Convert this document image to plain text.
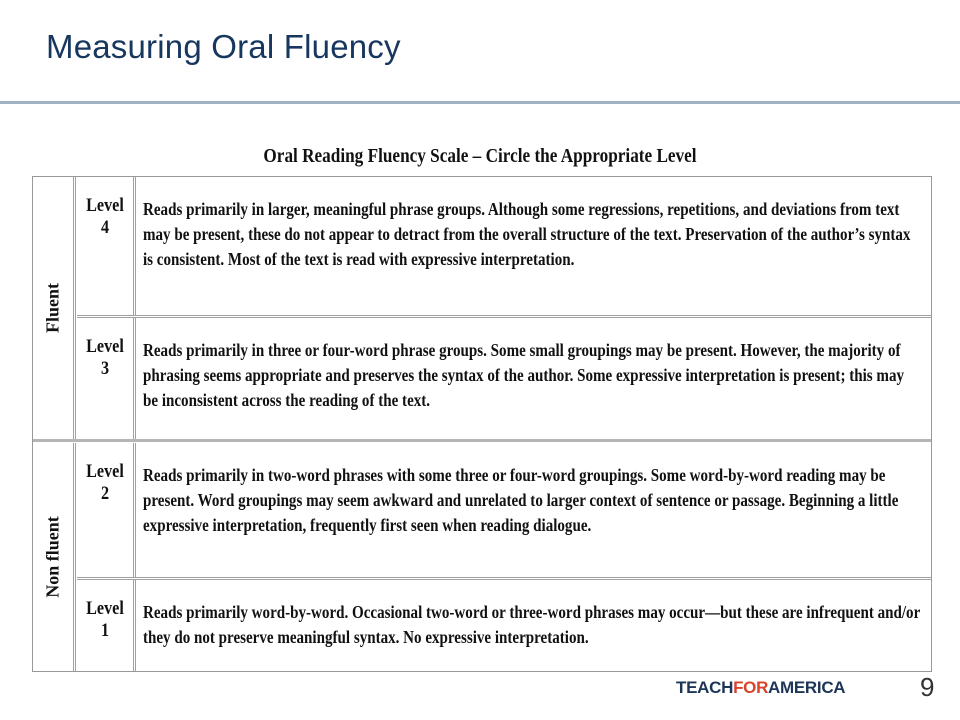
Measuring Oral Fluency
Oral Reading Fluency Scale – Circle the Appropriate Level
Fluent
Level
4
Reads primarily in larger, meaningful phrase groups. Although some regressions, repetitions, and deviations from text may be present, these do not appear to detract from the overall structure of the text. Preservation of the author’s syntax is consistent. Most of the text is read with expressive interpretation.
Level
3
Reads primarily in three or four-word phrase groups. Some small groupings may be present. However, the majority of phrasing seems appropriate and preserves the syntax of the author. Some expressive interpretation is present; this may be inconsistent across the reading of the text.
Non fluent
Level
2
Reads primarily in two-word phrases with some three or four-word groupings. Some word-by-word reading may be present. Word groupings may seem awkward and unrelated to larger context of sentence or passage. Beginning a little expressive interpretation, frequently first seen when reading dialogue.
Level
1
Reads primarily word-by-word. Occasional two-word or three-word phrases may occur—but these are infrequent and/or they do not preserve meaningful syntax. No expressive interpretation.
TEACHFORAMERICA	9
